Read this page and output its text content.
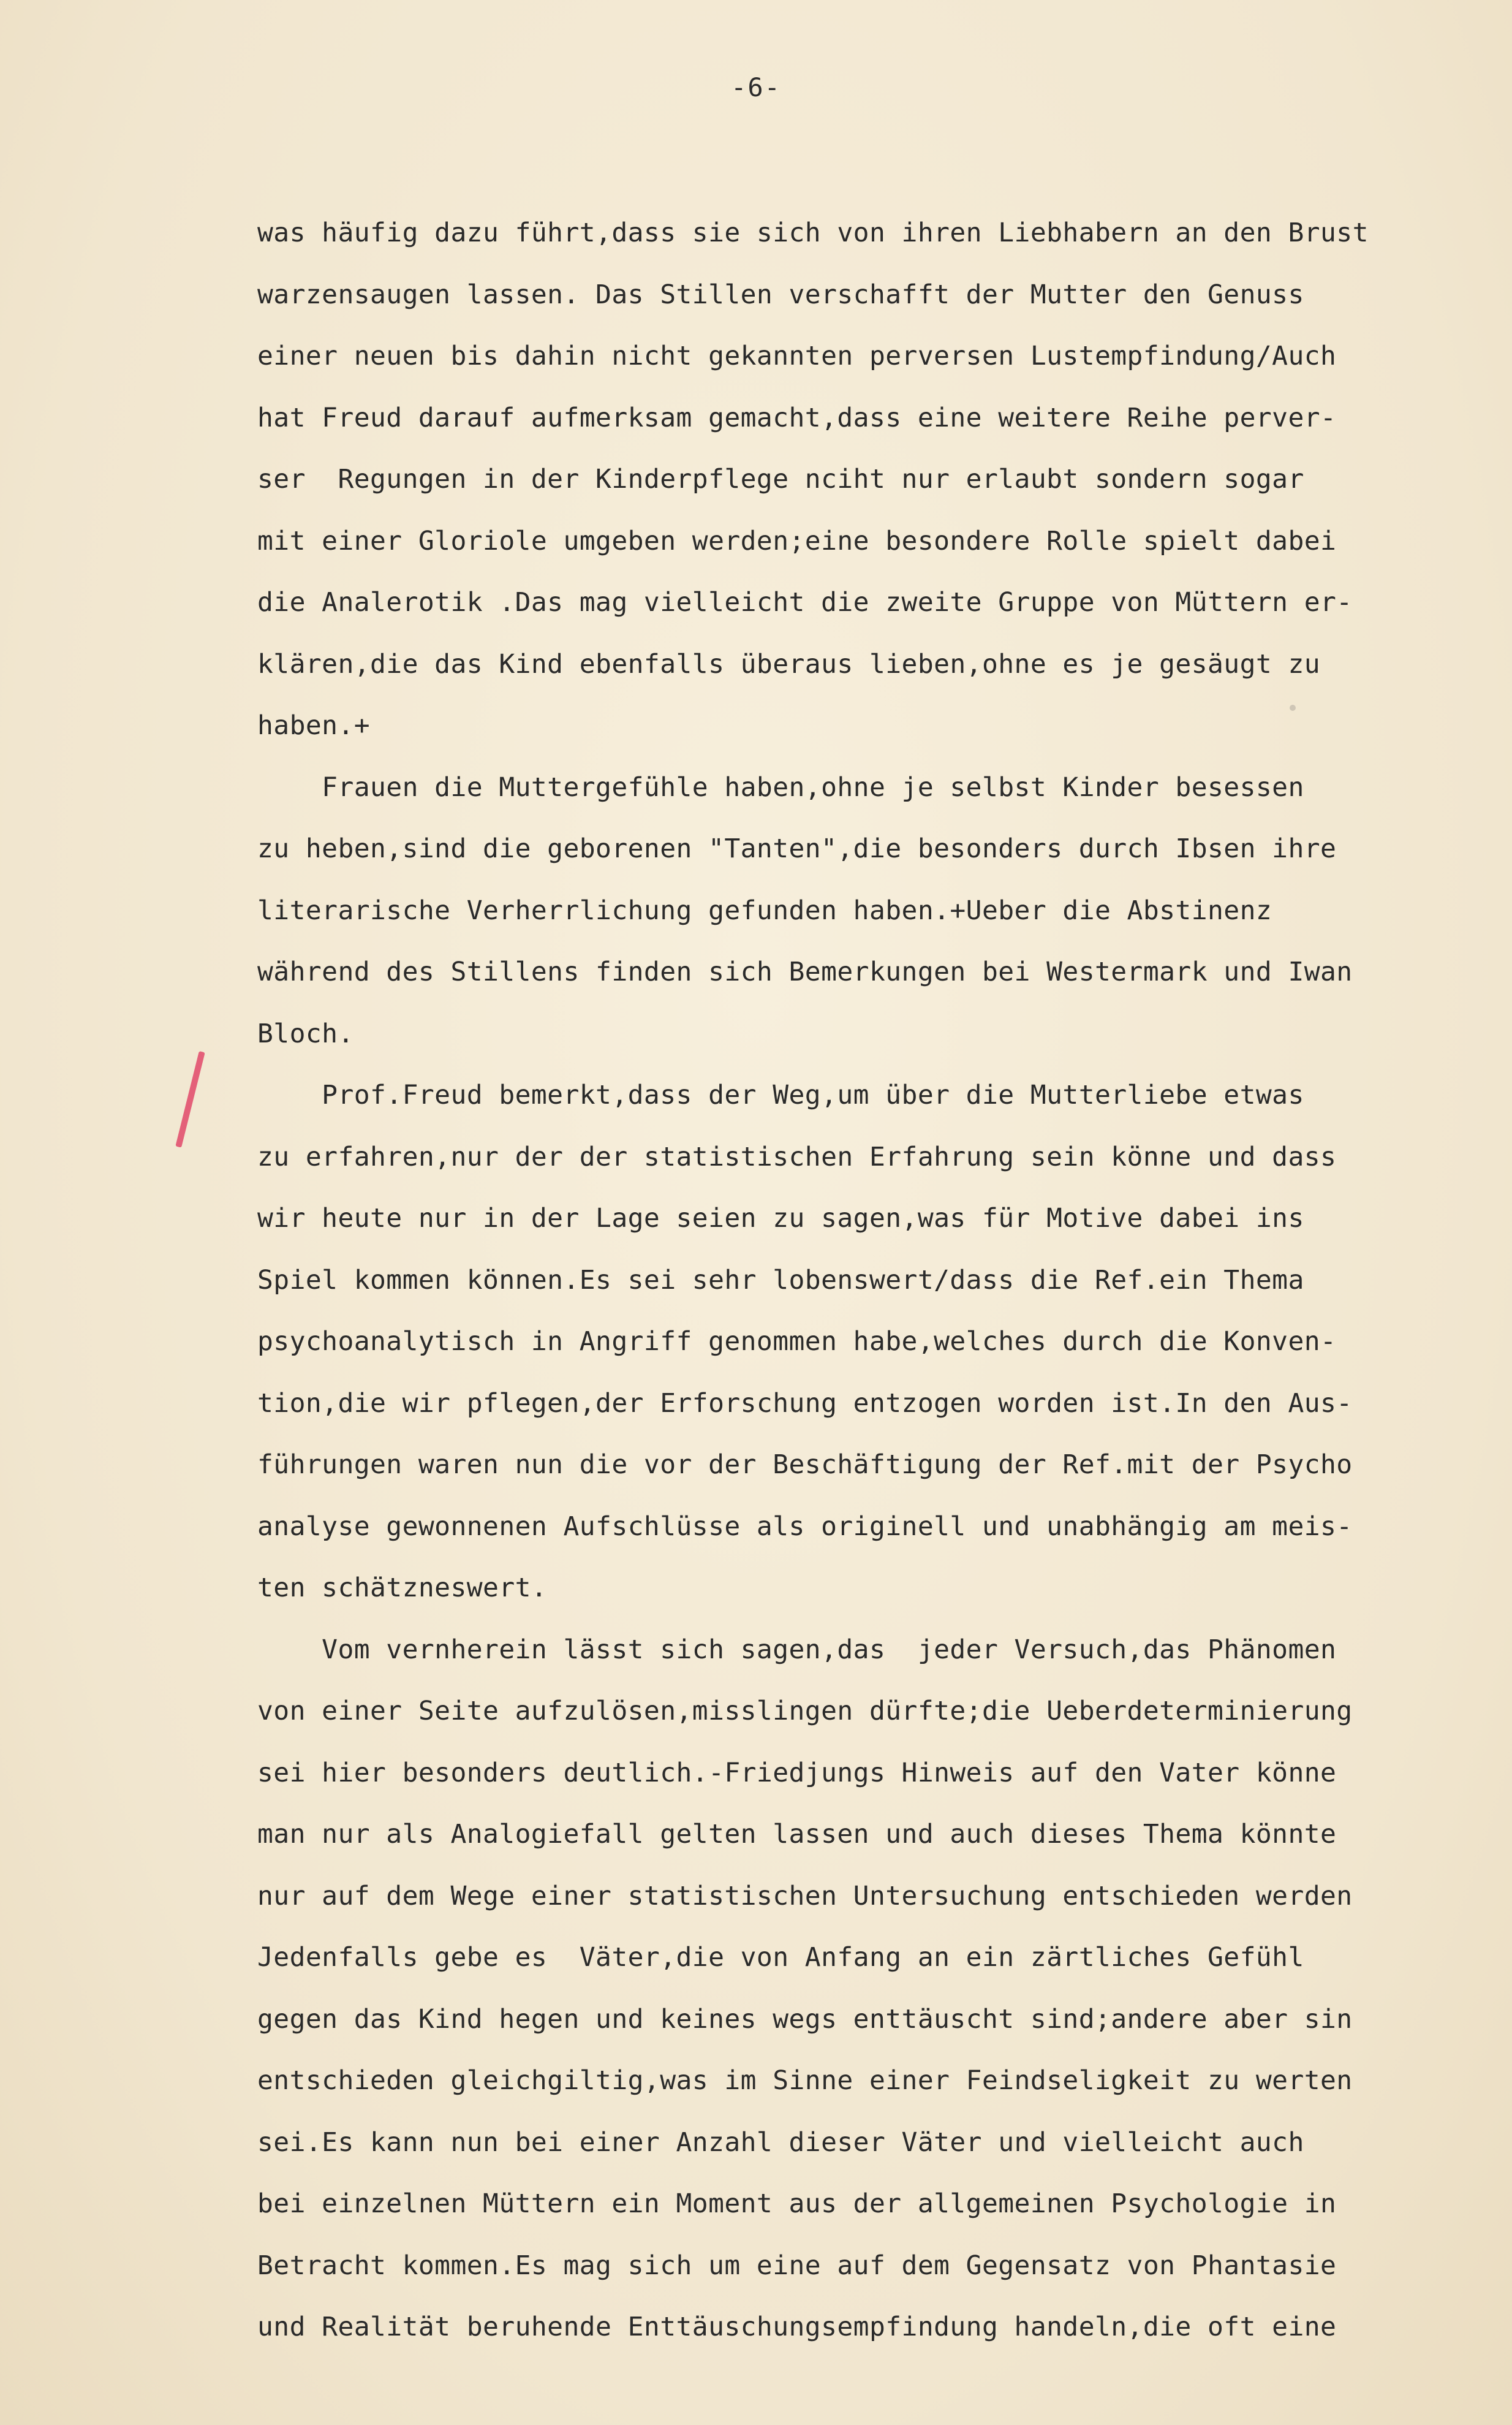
-6-
was häufig dazu führt,dass sie sich von ihren Liebhabern an den Brust
warzensaugen lassen. Das Stillen verschafft der Mutter den Genuss
einer neuen bis dahin nicht gekannten perversen Lustempfindung/Auch
hat Freud darauf aufmerksam gemacht,dass eine weitere Reihe perver-
ser  Regungen in der Kinderpflege nciht nur erlaubt sondern sogar
mit einer Gloriole umgeben werden;eine besondere Rolle spielt dabei
die Analerotik .Das mag vielleicht die zweite Gruppe von Müttern er-
klären,die das Kind ebenfalls überaus lieben,ohne es je gesäugt zu
haben.+
Frauen die Muttergefühle haben,ohne je selbst Kinder besessen
zu heben,sind die geborenen "Tanten",die besonders durch Ibsen ihre
literarische Verherrlichung gefunden haben.+Ueber die Abstinenz
während des Stillens finden sich Bemerkungen bei Westermark und Iwan
Bloch.
Prof.Freud bemerkt,dass der Weg,um über die Mutterliebe etwas
zu erfahren,nur der der statistischen Erfahrung sein könne und dass
wir heute nur in der Lage seien zu sagen,was für Motive dabei ins
Spiel kommen können.Es sei sehr lobenswert/dass die Ref.ein Thema
psychoanalytisch in Angriff genommen habe,welches durch die Konven-
tion,die wir pflegen,der Erforschung entzogen worden ist.In den Aus-
führungen waren nun die vor der Beschäftigung der Ref.mit der Psycho
analyse gewonnenen Aufschlüsse als originell und unabhängig am meis-
ten schätzneswert.
Vom vernherein lässt sich sagen,das  jeder Versuch,das Phänomen
von einer Seite aufzulösen,misslingen dürfte;die Ueberdeterminierung
sei hier besonders deutlich.-Friedjungs Hinweis auf den Vater könne
man nur als Analogiefall gelten lassen und auch dieses Thema könnte
nur auf dem Wege einer statistischen Untersuchung entschieden werden
Jedenfalls gebe es  Väter,die von Anfang an ein zärtliches Gefühl
gegen das Kind hegen und keines wegs enttäuscht sind;andere aber sin
entschieden gleichgiltig,was im Sinne einer Feindseligkeit zu werten
sei.Es kann nun bei einer Anzahl dieser Väter und vielleicht auch
bei einzelnen Müttern ein Moment aus der allgemeinen Psychologie in
Betracht kommen.Es mag sich um eine auf dem Gegensatz von Phantasie
und Realität beruhende Enttäuschungsempfindung handeln,die oft eine
